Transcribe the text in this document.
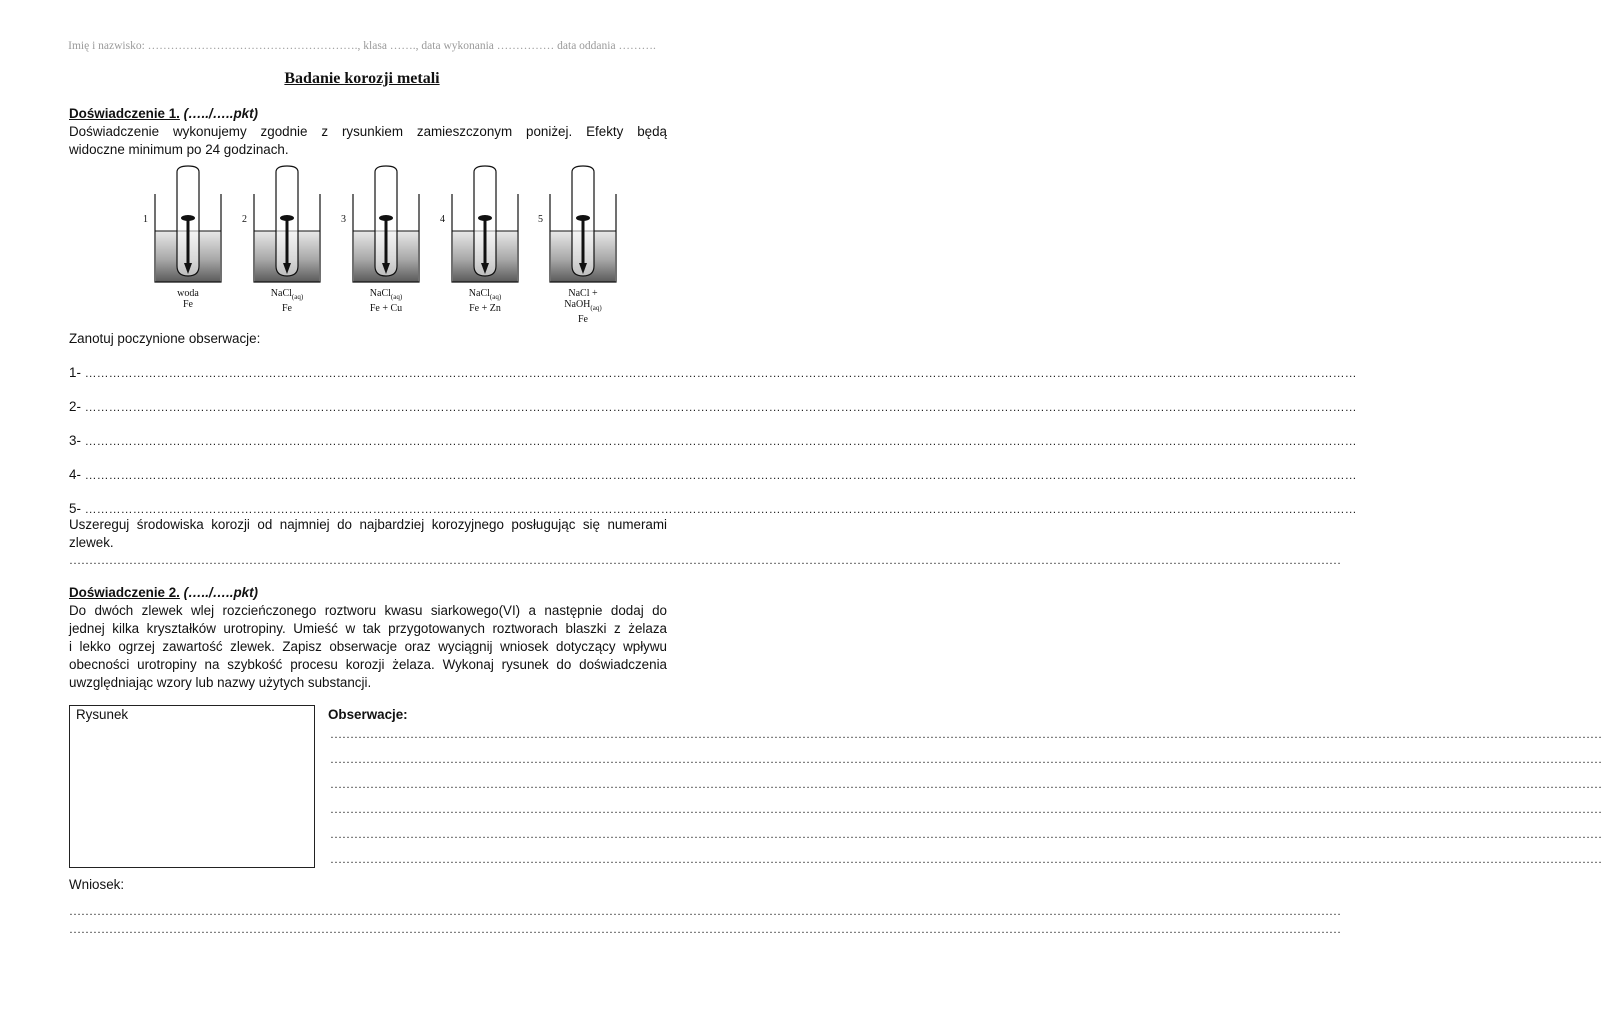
Imię i nazwisko: ………………………………………………., klasa ……., data wykonania …………… data oddania ……….
Badanie korozji metali
Doświadczenie 1. (…../…..pkt)
Doświadczenie wykonujemy zgodnie z rysunkiem zamieszczonym poniżej. Efekty będą
widoczne minimum po 24 godzinach.
1
woda
Fe
2
NaCl$_{(aq)}$
Fe
3
NaCl$_{(aq)}$
Fe + Cu
4
NaCl$_{(aq)}$
Fe + Zn
5
NaCl +
NaOH$_{(aq)}$
Fe
Zanotuj poczynione obserwacje:
1- …………………………………………………………………………………………………………………………………………………………………………………………………………………………………………………………………………………………
2- …………………………………………………………………………………………………………………………………………………………………………………………………………………………………………………………………………………………
3- …………………………………………………………………………………………………………………………………………………………………………………………………………………………………………………………………………………………
4- …………………………………………………………………………………………………………………………………………………………………………………………………………………………………………………………………………………………
5- …………………………………………………………………………………………………………………………………………………………………………………………………………………………………………………………………………………………
Uszereguj środowiska korozji od najmniej do najbardziej korozyjnego posługując się numerami
zlewek.
…………………………………………………………………………………………………………………………………………………………………………………………………………………………………………………………………………………………
Doświadczenie 2. (…../…..pkt)
Do dwóch zlewek wlej rozcieńczonego roztworu kwasu siarkowego(VI) a następnie dodaj do
jednej kilka kryształków urotropiny. Umieść w tak przygotowanych roztworach blaszki z żelaza
i lekko ogrzej zawartość zlewek. Zapisz obserwacje oraz wyciągnij wniosek dotyczący wpływu
obecności urotropiny na szybkość procesu korozji żelaza. Wykonaj rysunek do doświadczenia
uwzględniając wzory lub nazwy użytych substancji.
Rysunek	Obserwacje:
…………………………………………………………………………………………………………………………………………………………………………………………………………………………………………………………………………………………
…………………………………………………………………………………………………………………………………………………………………………………………………………………………………………………………………………………………
…………………………………………………………………………………………………………………………………………………………………………………………………………………………………………………………………………………………
…………………………………………………………………………………………………………………………………………………………………………………………………………………………………………………………………………………………
…………………………………………………………………………………………………………………………………………………………………………………………………………………………………………………………………………………………
…………………………………………………………………………………………………………………………………………………………………………………………………………………………………………………………………………………………
Wniosek:
…………………………………………………………………………………………………………………………………………………………………………………………………………………………………………………………………………………………
…………………………………………………………………………………………………………………………………………………………………………………………………………………………………………………………………………………………
